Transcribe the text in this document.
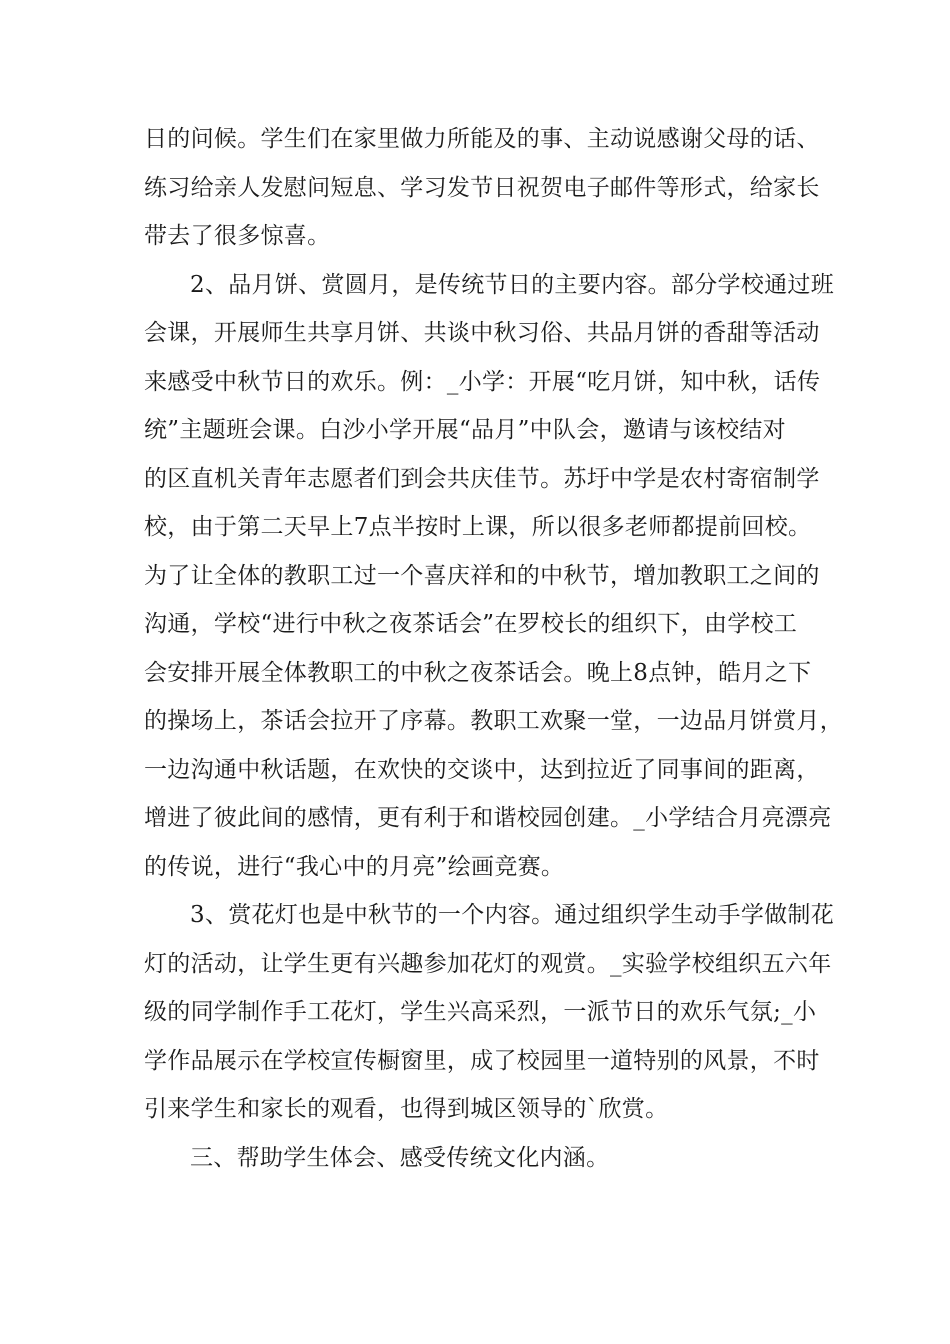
日的问候。学生们在家里做力所能及的事、主动说感谢父母的话、
练习给亲人发慰问短息、学习发节日祝贺电子邮件等形式，给家长
带去了很多惊喜。
2、品月饼、赏圆月，是传统节日的主要内容。部分学校通过班
会课，开展师生共享月饼、共谈中秋习俗、共品月饼的香甜等活动
来感受中秋节日的欢乐。例：_小学：开展“吃月饼，知中秋，话传
统”主题班会课。白沙小学开展“品月”中队会，邀请与该校结对
的区直机关青年志愿者们到会共庆佳节。苏圩中学是农村寄宿制学
校，由于第二天早上7点半按时上课，所以很多老师都提前回校。
为了让全体的教职工过一个喜庆祥和的中秋节，增加教职工之间的
沟通，学校“进行中秋之夜茶话会”在罗校长的组织下，由学校工
会安排开展全体教职工的中秋之夜茶话会。晚上8点钟，皓月之下
的操场上，茶话会拉开了序幕。教职工欢聚一堂，一边品月饼赏月，
一边沟通中秋话题，在欢快的交谈中，达到拉近了同事间的距离，
增进了彼此间的感情，更有利于和谐校园创建。_小学结合月亮漂亮
的传说，进行“我心中的月亮”绘画竞赛。
3、赏花灯也是中秋节的一个内容。通过组织学生动手学做制花
灯的活动，让学生更有兴趣参加花灯的观赏。_实验学校组织五六年
级的同学制作手工花灯，学生兴高采烈，一派节日的欢乐气氛;_小
学作品展示在学校宣传橱窗里，成了校园里一道特别的风景，不时
引来学生和家长的观看，也得到城区领导的`欣赏。
三、帮助学生体会、感受传统文化内涵。
